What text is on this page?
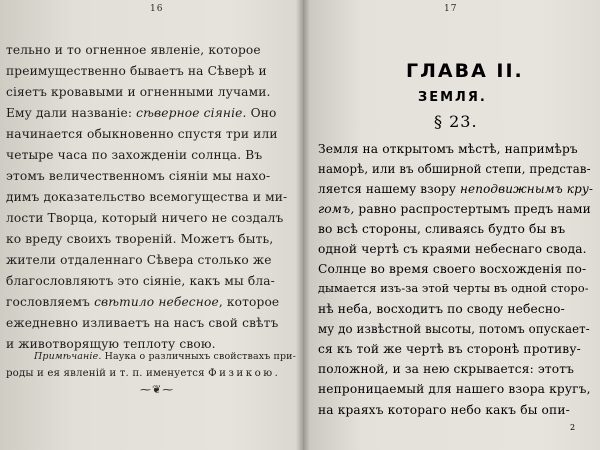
16
тельно и то огненное явленіе, которое
преимущественно бываетъ на Сѣверѣ и
сіяетъ кровавыми и огненными лучами.
Ему дали названіе: сѣверное сіяніе. Оно
начинается обыкновенно спустя три или
четыре часа по захожденіи солнца. Въ
этомъ величественномъ сіяніи мы нахо-
димъ доказательство всемогущества и ми-
лости Творца, который ничего не создалъ
ко вреду своихъ твореній. Можетъ быть,
жители отдаленнаго Сѣвера столько же
благословляютъ это сіяніе, какъ мы бла-
гословляемъ свѣтило небесное, которое
ежедневно изливаетъ на насъ свой свѣтъ
и животворящую теплоту свою.
Примѣчаніе. Наука о различныхъ свойствахъ при-
роды и ея явленій и т. п. именуется Физикою.
⁓❦⁓
17
ГЛАВА II.
ЗЕМЛЯ.
§ 23.
Земля на открытомъ мѣстѣ, напримѣръ
наморѣ, или въ обширной степи, представ-
ляется нашему взору неподвижнымъ кру-
гомъ, равно распростертымъ предъ нами
во всѣ стороны, сливаясь будто бы въ
одной чертѣ съ краями небеснаго свода.
Солнце во время своего восхожденія по-
дымается изъ-за этой черты въ одной сторо-
нѣ неба, восходитъ по своду небесно-
му до извѣстной высоты, потомъ опускает-
ся къ той же чертѣ въ сторонѣ противу-
положной, и за нею скрывается: этотъ
непроницаемый для нашего взора кругъ,
на краяхъ котораго небо какъ бы опи-
2
